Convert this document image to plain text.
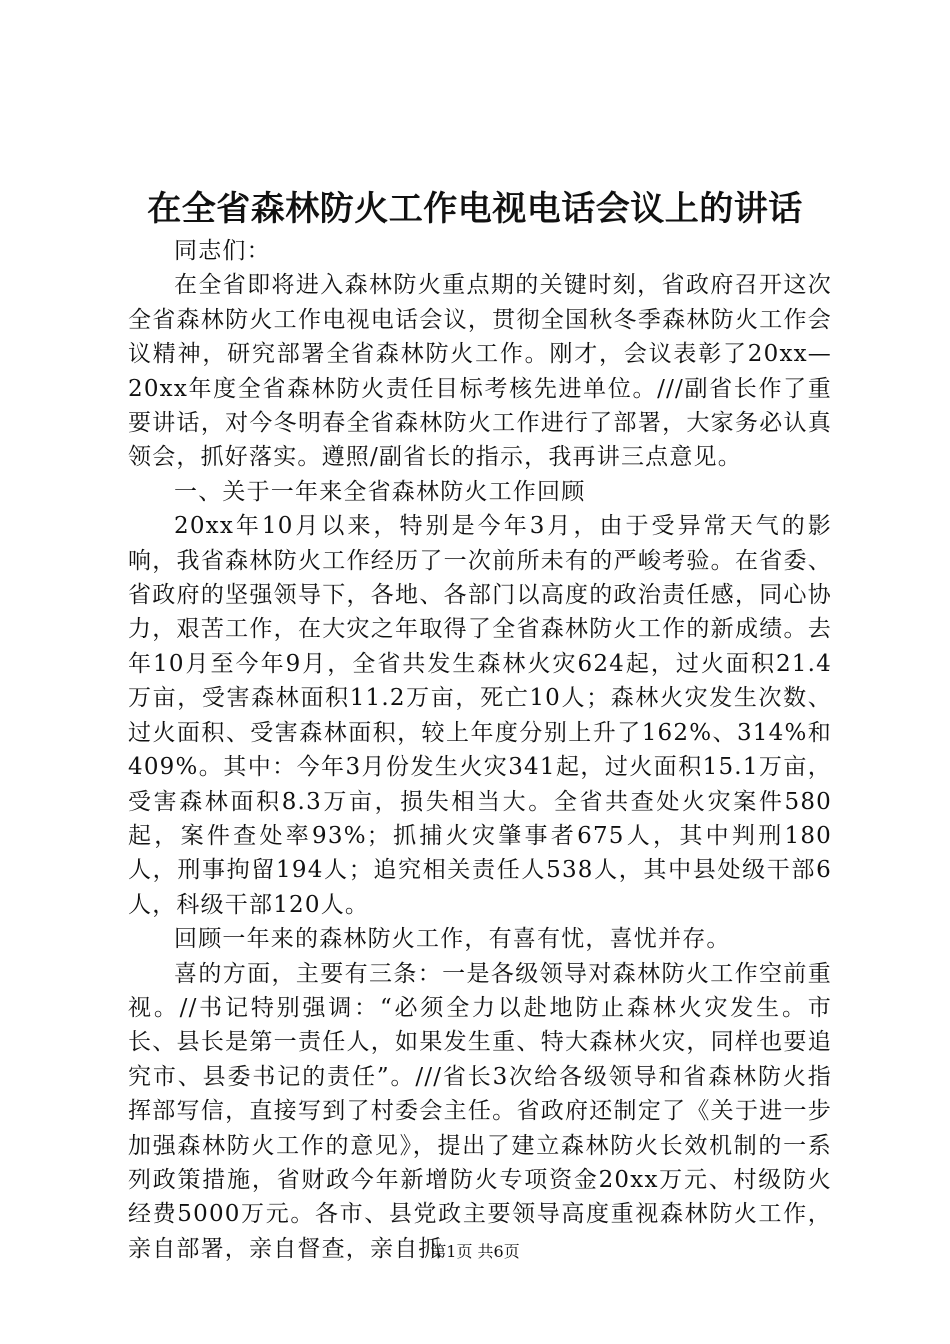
在全省森林防火工作电视电话会议上的讲话

同志们：

在全省即将进入森林防火重点期的关键时刻，省政府召开这次全省森林防火工作电视电话会议，贯彻全国秋冬季森林防火工作会议精神，研究部署全省森林防火工作。刚才，会议表彰了20xx—20xx年度全省森林防火责任目标考核先进单位。///副省长作了重要讲话，对今冬明春全省森林防火工作进行了部署，大家务必认真领会，抓好落实。遵照/副省长的指示，我再讲三点意见。

一、关于一年来全省森林防火工作回顾

20xx年10月以来，特别是今年3月，由于受异常天气的影响，我省森林防火工作经历了一次前所未有的严峻考验。在省委、省政府的坚强领导下，各地、各部门以高度的政治责任感，同心协力，艰苦工作，在大灾之年取得了全省森林防火工作的新成绩。去年10月至今年9月，全省共发生森林火灾624起，过火面积21.4万亩，受害森林面积11.2万亩，死亡10人；森林火灾发生次数、过火面积、受害森林面积，较上年度分别上升了162%、314%和409%。其中：今年3月份发生火灾341起，过火面积15.1万亩，受害森林面积8.3万亩，损失相当大。全省共查处火灾案件580起，案件查处率93%；抓捕火灾肇事者675人，其中判刑180人，刑事拘留194人；追究相关责任人538人，其中县处级干部6人，科级干部120人。

回顾一年来的森林防火工作，有喜有忧，喜忧并存。

喜的方面，主要有三条：一是各级领导对森林防火工作空前重视。//书记特别强调：“必须全力以赴地防止森林火灾发生。市长、县长是第一责任人，如果发生重、特大森林火灾，同样也要追究市、县委书记的责任”。///省长3次给各级领导和省森林防火指挥部写信，直接写到了村委会主任。省政府还制定了《关于进一步加强森林防火工作的意见》，提出了建立森林防火长效机制的一系列政策措施，省财政今年新增防火专项资金20xx万元、村级防火经费5000万元。各市、县党政主要领导高度重视森林防火工作，亲自部署，亲自督查，亲自抓

第1页 共6页
